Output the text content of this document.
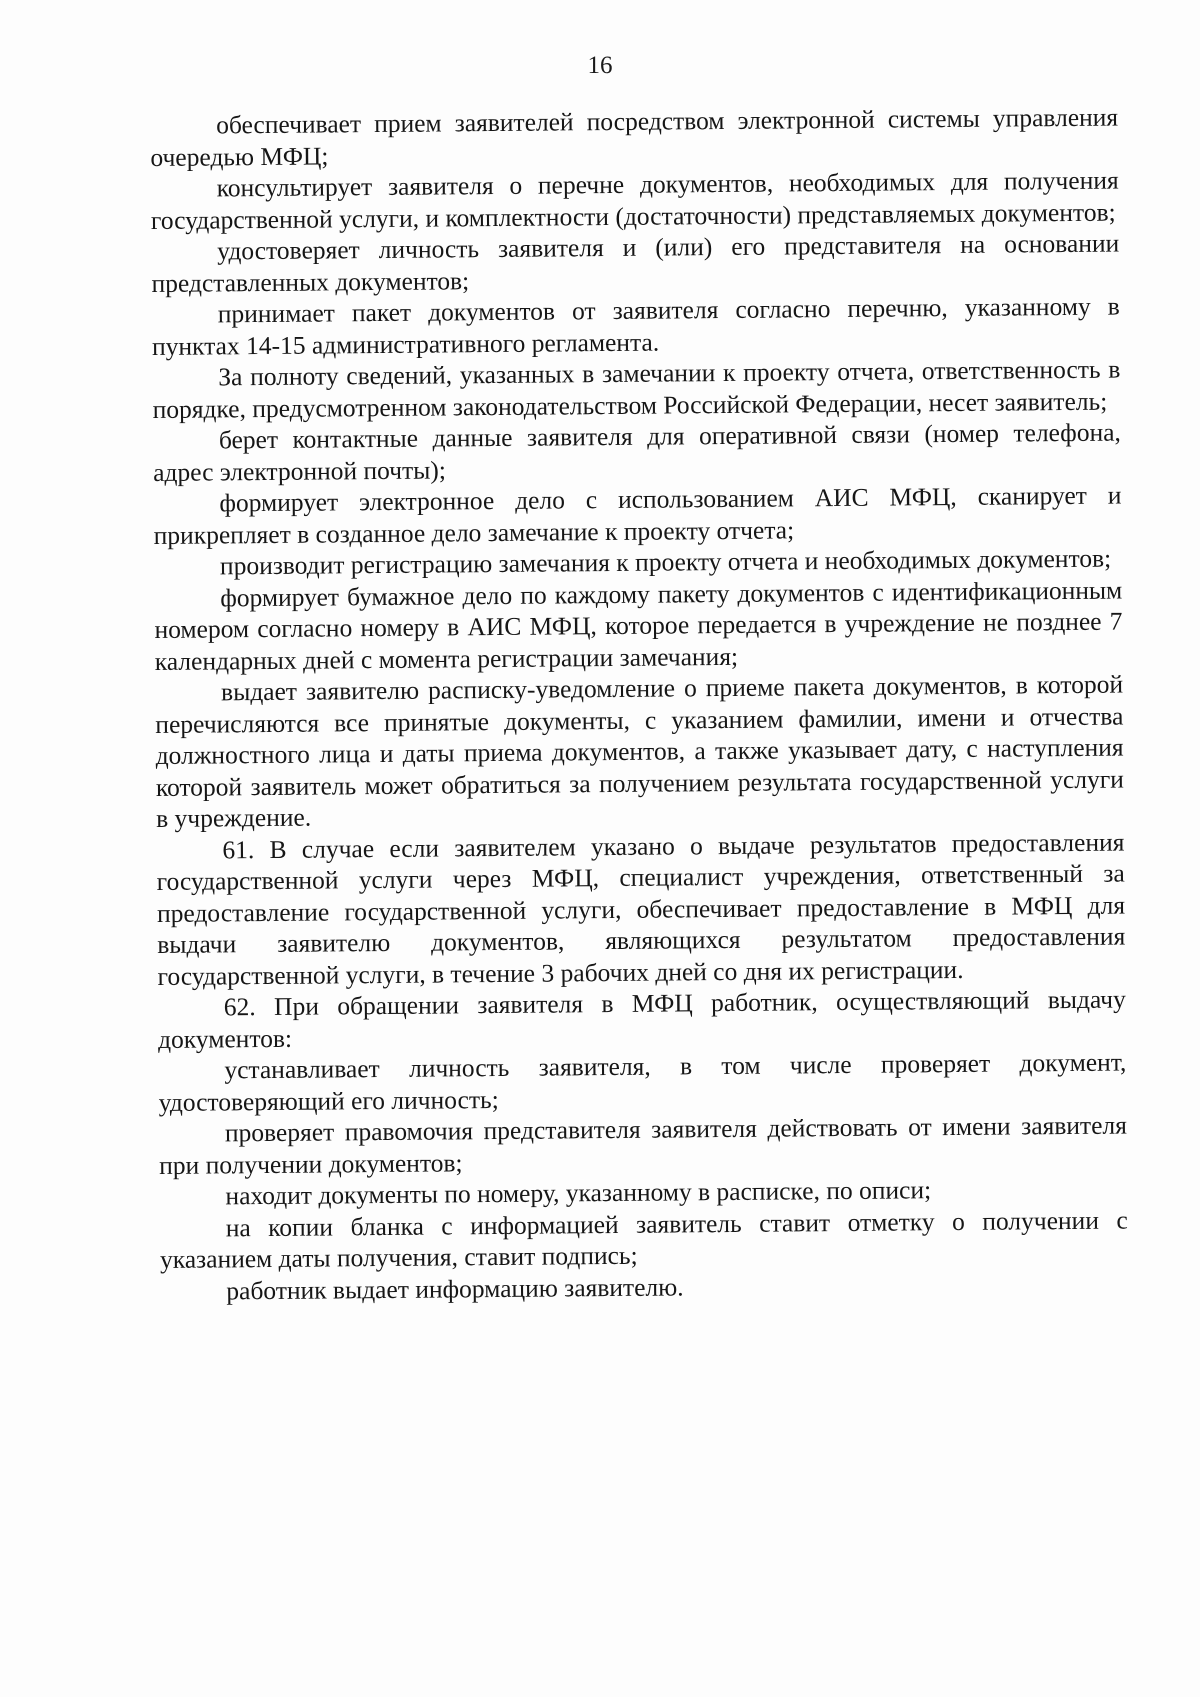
16

обеспечивает прием заявителей посредством электронной системы управления очередью МФЦ;

консультирует заявителя о перечне документов, необходимых для получения государственной услуги, и комплектности (достаточности) представляемых документов;

удостоверяет личность заявителя и (или) его представителя на основании представленных документов;

принимает пакет документов от заявителя согласно перечню, указанному в пунктах 14-15 административного регламента.

За полноту сведений, указанных в замечании к проекту отчета, ответственность в порядке, предусмотренном законодательством Российской Федерации, несет заявитель;

берет контактные данные заявителя для оперативной связи (номер телефона, адрес электронной почты);

формирует электронное дело с использованием АИС МФЦ, сканирует и прикрепляет в созданное дело замечание к проекту отчета;

производит регистрацию замечания к проекту отчета и необходимых документов;

формирует бумажное дело по каждому пакету документов с идентификационным номером согласно номеру в АИС МФЦ, которое передается в учреждение не позднее 7 календарных дней с момента регистрации замечания;

выдает заявителю расписку-уведомление о приеме пакета документов, в которой перечисляются все принятые документы, с указанием фамилии, имени и отчества должностного лица и даты приема документов, а также указывает дату, с наступления которой заявитель может обратиться за получением результата государственной услуги в учреждение.

61. В случае если заявителем указано о выдаче результатов предоставления государственной услуги через МФЦ, специалист учреждения, ответственный за предоставление государственной услуги, обеспечивает предоставление в МФЦ для выдачи заявителю документов, являющихся результатом предоставления государственной услуги, в течение 3 рабочих дней со дня их регистрации.

62. При обращении заявителя в МФЦ работник, осуществляющий выдачу документов:

устанавливает личность заявителя, в том числе проверяет документ, удостоверяющий его личность;

проверяет правомочия представителя заявителя действовать от имени заявителя при получении документов;

находит документы по номеру, указанному в расписке, по описи;

на копии бланка с информацией заявитель ставит отметку о получении с указанием даты получения, ставит подпись;

работник выдает информацию заявителю.
